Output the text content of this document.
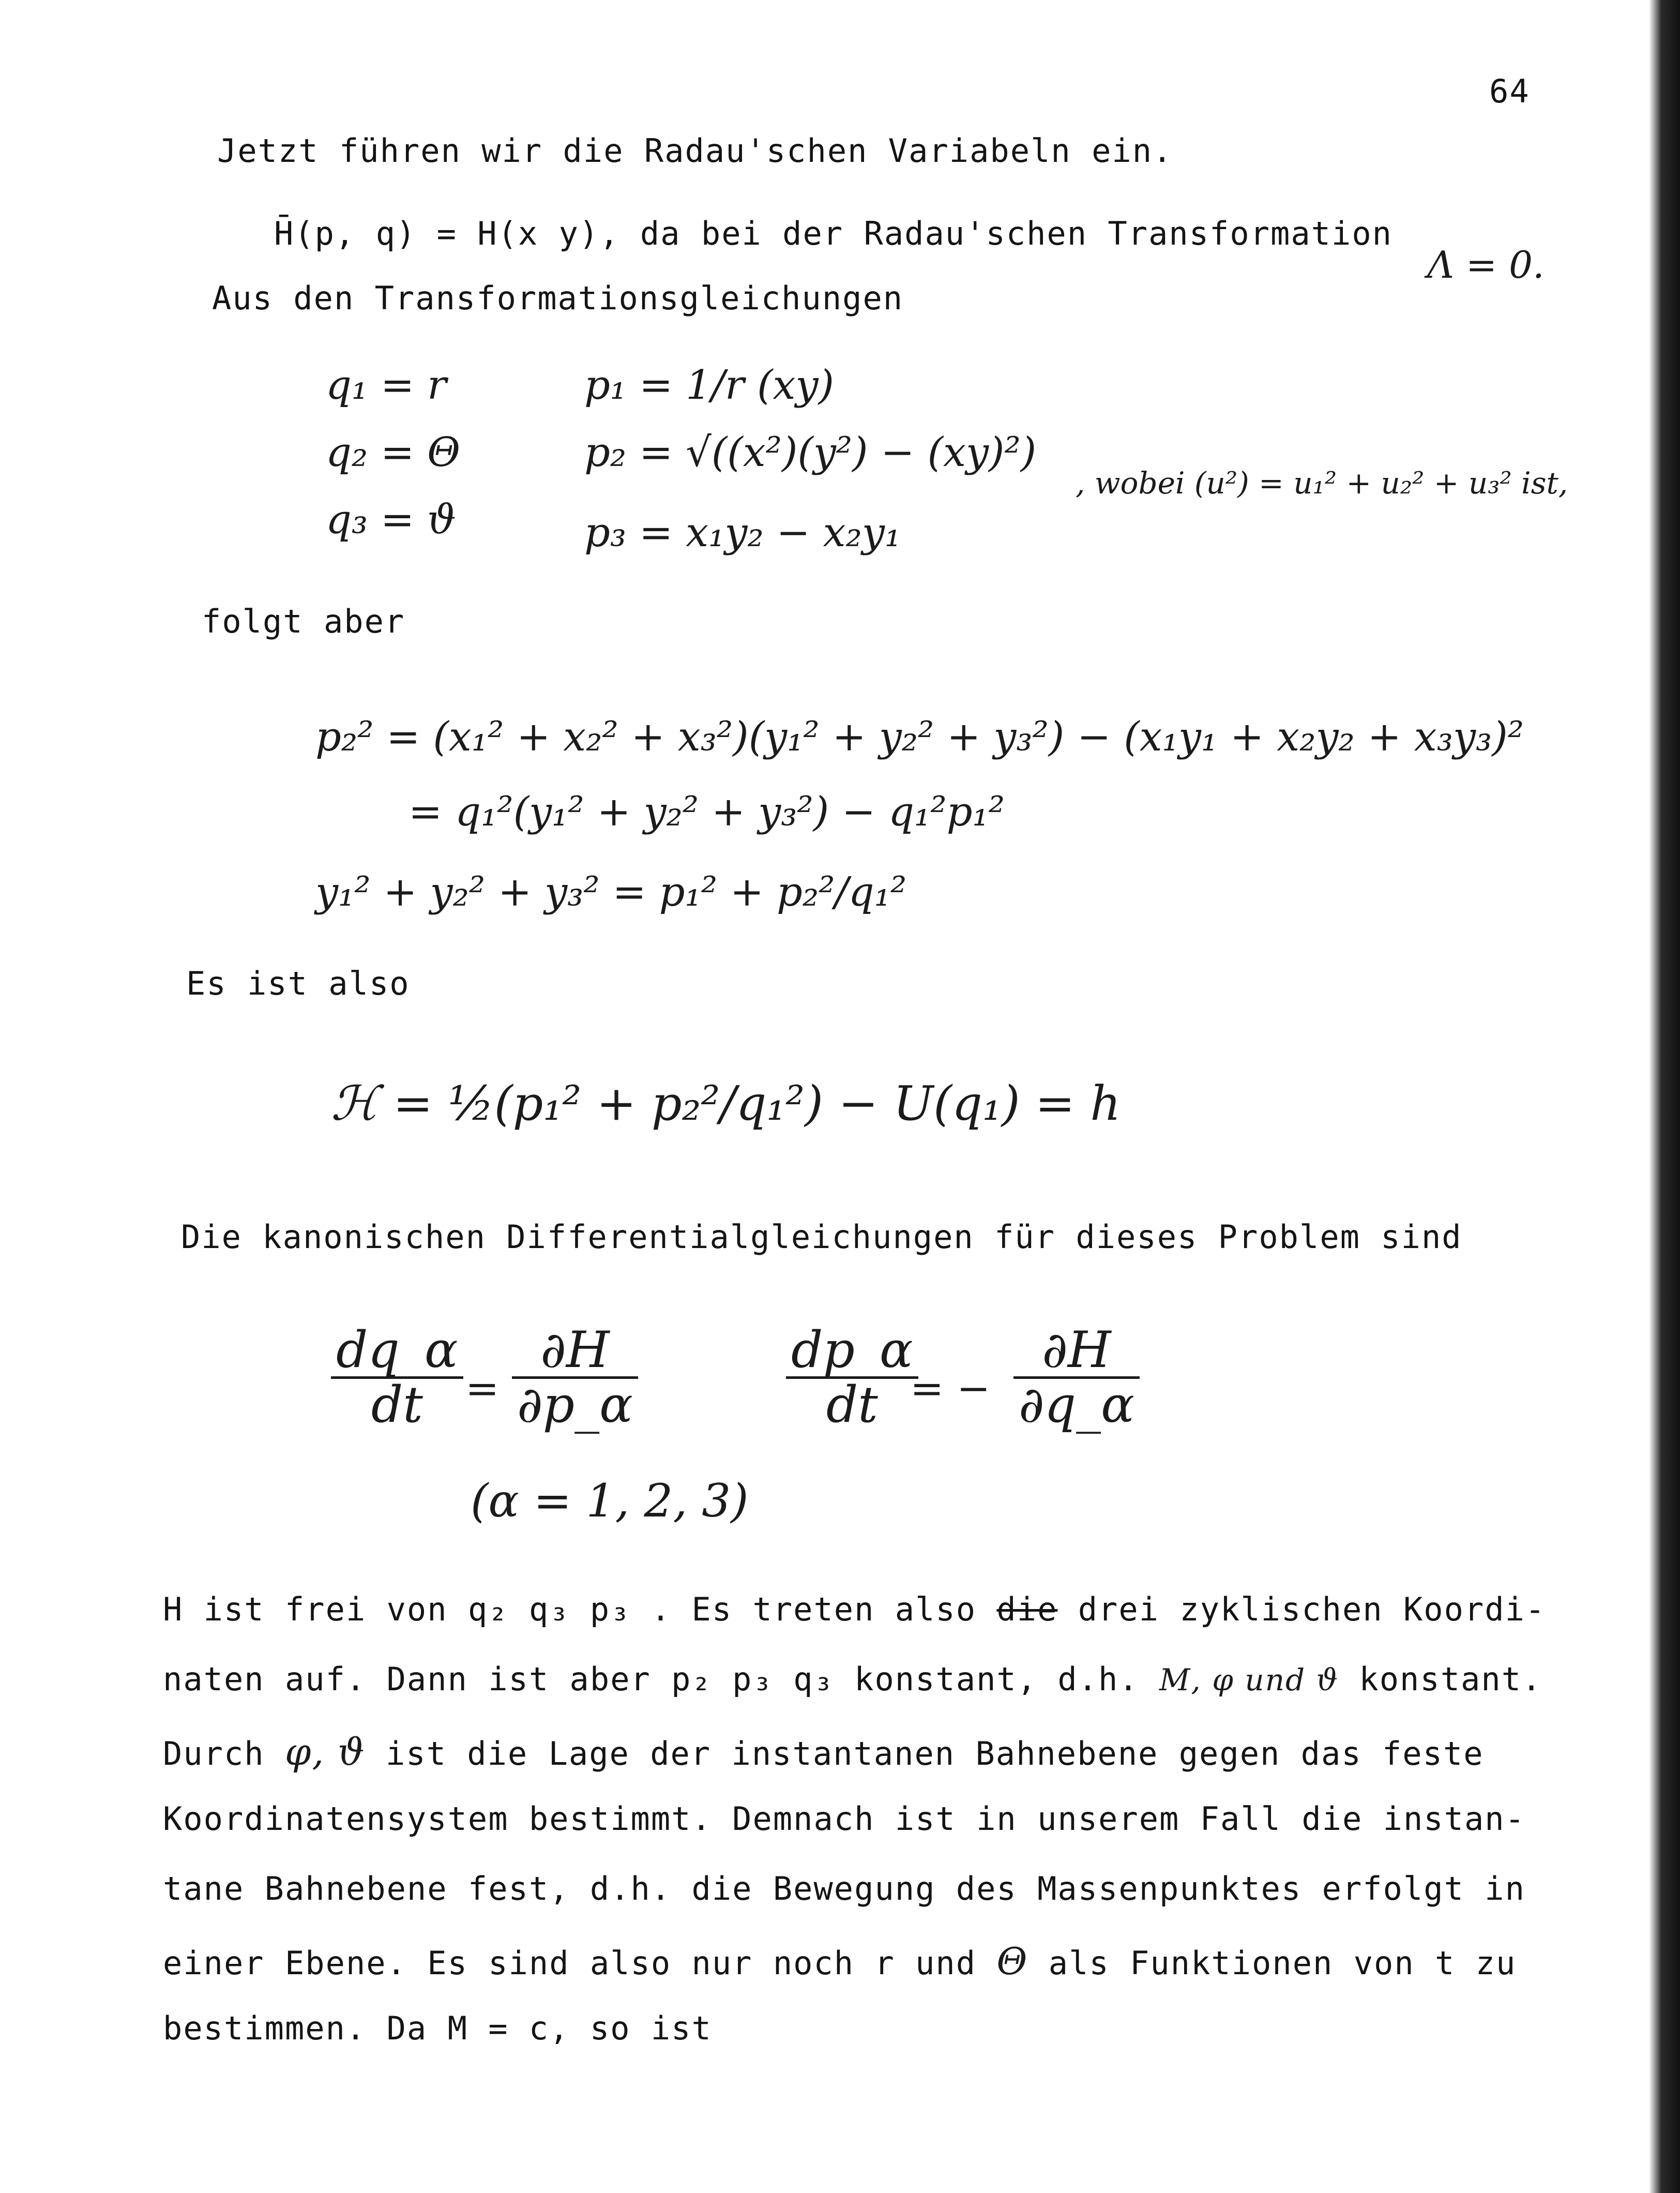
64
Jetzt führen wir die Radau'schen Variabeln ein.
H̄(p, q) = H(x y), da bei der Radau'schen Transformation
Λ = 0.
Aus den Transformationsgleichungen
q₁ = r	p₁ = 1/r (xy)
q₂ = Θ	p₂ = √((x²)(y²) − (xy)²)
, wobei (u²) = u₁² + u₂² + u₃² ist,
q₃ = ϑ	p₃ = x₁y₂ − x₂y₁
folgt aber
p₂² = (x₁² + x₂² + x₃²)(y₁² + y₂² + y₃²) − (x₁y₁ + x₂y₂ + x₃y₃)²
= q₁²(y₁² + y₂² + y₃²) − q₁²p₁²
y₁² + y₂² + y₃² = p₁² + p₂²/q₁²
Es ist also
ℋ = ½(p₁² + p₂²/q₁²) − U(q₁) = h
Die kanonischen Differentialgleichungen für dieses Problem sind
dq_α
dt =
∂H
∂p_α
dp_α
dt = −
∂H
∂q_α
(α = 1, 2, 3)
H ist frei von q₂ q₃ p₃ . Es treten also die drei zyklischen Koordi-
naten auf. Dann ist aber p₂ p₃ q₃ konstant, d.h. M, φ und ϑ konstant.
Durch φ, ϑ ist die Lage der instantanen Bahnebene gegen das feste
Koordinatensystem bestimmt. Demnach ist in unserem Fall die instan-
tane Bahnebene fest, d.h. die Bewegung des Massenpunktes erfolgt in
einer Ebene. Es sind also nur noch r und Θ als Funktionen von t zu
bestimmen. Da M = c, so ist
